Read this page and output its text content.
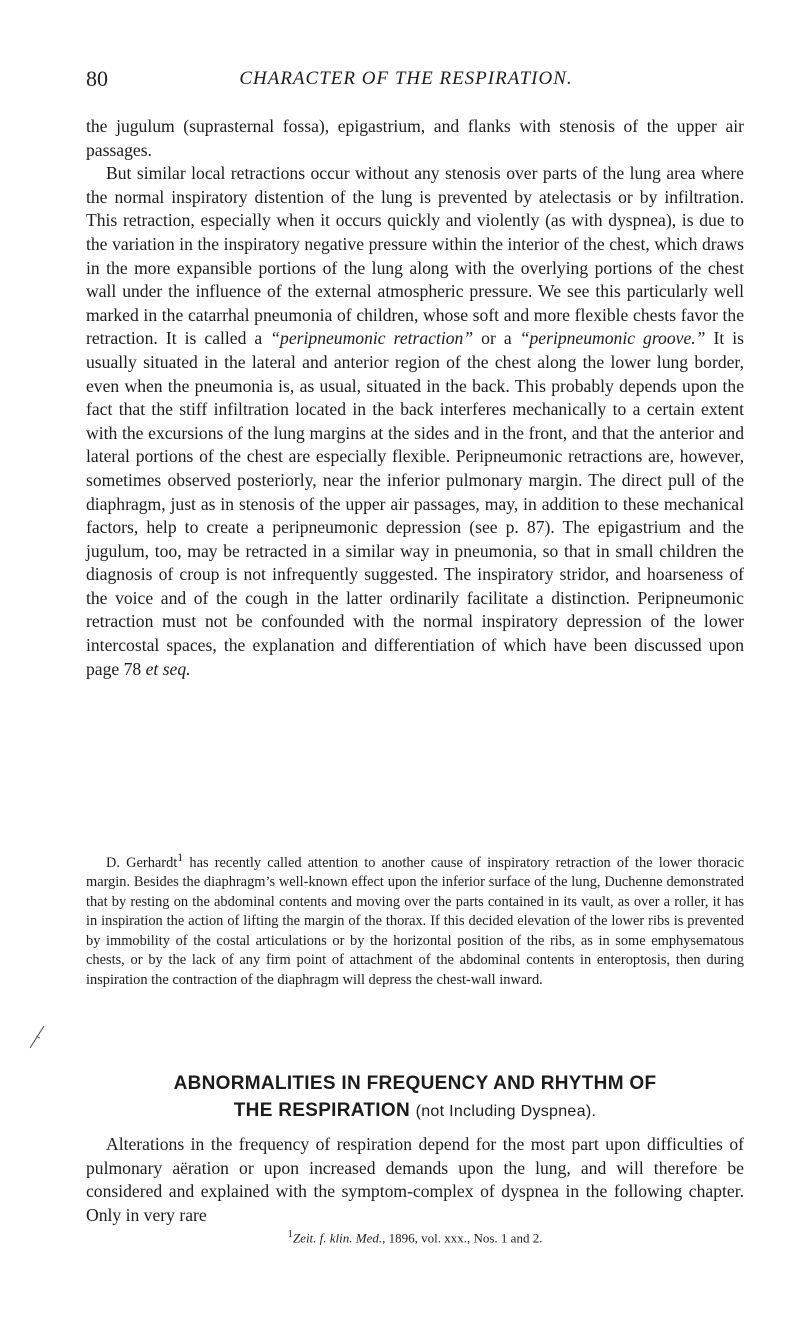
80	CHARACTER OF THE RESPIRATION.

the jugulum (suprasternal fossa), epigastrium, and flanks with stenosis of the upper air passages.

But similar local retractions occur without any stenosis over parts of the lung area where the normal inspiratory distention of the lung is prevented by atelectasis or by infiltration. This retraction, especially when it occurs quickly and violently (as with dyspnea), is due to the variation in the inspiratory negative pressure within the interior of the chest, which draws in the more expansible portions of the lung along with the overlying portions of the chest wall under the influence of the external atmospheric pressure. We see this particularly well marked in the catarrhal pneumonia of children, whose soft and more flexible chests favor the retraction. It is called a “peripneumonic retraction” or a “peripneumonic groove.” It is usually situated in the lateral and anterior region of the chest along the lower lung border, even when the pneumonia is, as usual, situated in the back. This probably depends upon the fact that the stiff infiltration located in the back interferes mechanically to a certain extent with the excursions of the lung margins at the sides and in the front, and that the anterior and lateral portions of the chest are especially flexible. Peripneumonic retractions are, however, sometimes observed posteriorly, near the inferior pulmonary margin. The direct pull of the diaphragm, just as in stenosis of the upper air passages, may, in addition to these mechanical factors, help to create a peripneumonic depression (see p. 87). The epigastrium and the jugulum, too, may be retracted in a similar way in pneumonia, so that in small children the diagnosis of croup is not infrequently suggested. The inspiratory stridor, and hoarseness of the voice and of the cough in the latter ordinarily facilitate a distinction. Peripneumonic retraction must not be confounded with the normal inspiratory depression of the lower intercostal spaces, the explanation and differentiation of which have been discussed upon page 78 et seq.

D. Gerhardt$^1$ has recently called attention to another cause of inspiratory retraction of the lower thoracic margin. Besides the diaphragm’s well-known effect upon the inferior surface of the lung, Duchenne demonstrated that by resting on the abdominal contents and moving over the parts contained in its vault, as over a roller, it has in inspiration the action of lifting the margin of the thorax. If this decided elevation of the lower ribs is prevented by immobility of the costal articulations or by the horizontal position of the ribs, as in some emphysematous chests, or by the lack of any firm point of attachment of the abdominal contents in enteroptosis, then during inspiration the contraction of the diaphragm will depress the chest-wall inward.

ABNORMALITIES IN FREQUENCY AND RHYTHM OF
THE RESPIRATION (not Including Dyspnea).

Alterations in the frequency of respiration depend for the most part upon difficulties of pulmonary aëration or upon increased demands upon the lung, and will therefore be considered and explained with the symptom-complex of dyspnea in the following chapter. Only in very rare

$^1$Zeit. f. klin. Med., 1896, vol. xxx., Nos. 1 and 2.
